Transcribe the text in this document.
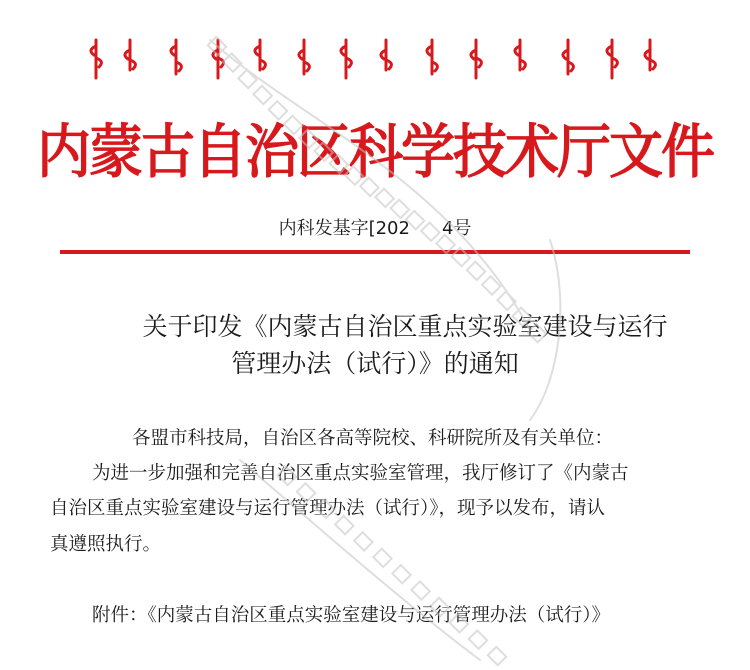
内蒙古自治区科学技术厅文件
内科发基字[202 4号
关于印发《内蒙古自治区重点实验室建设与运行
管理办法（试行）》的通知
各盟市科技局，自治区各高等院校、科研院所及有关单位：
为进一步加强和完善自治区重点实验室管理，我厅修订了《内蒙古
自治区重点实验室建设与运行管理办法（试行）》，现予以发布，请认
真遵照执行。
附件：《内蒙古自治区重点实验室建设与运行管理办法（试行）》
